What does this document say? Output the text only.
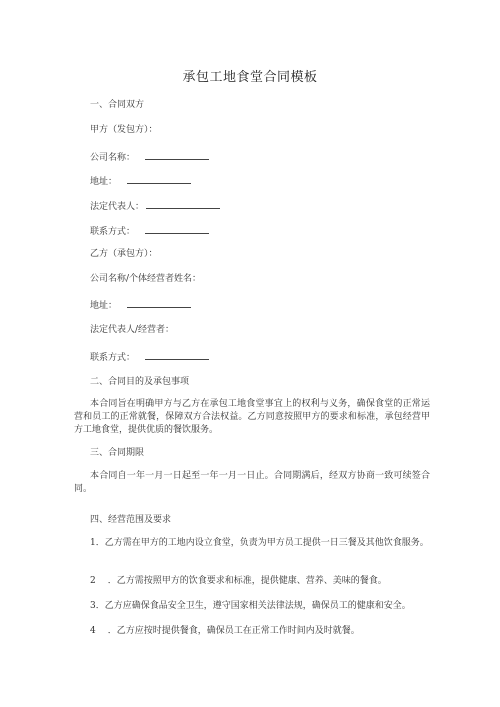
承包工地食堂合同模板
一、合同双方
甲方（发包方）：
公司名称：
地址：
法定代表人：
联系方式：
乙方（承包方）：
公司名称/个体经营者姓名：
地址：
法定代表人/经营者：
联系方式：
二、合同目的及承包事项
本合同旨在明确甲方与乙方在承包工地食堂事宜上的权利与义务，确保食堂的正常运营和员工的正常就餐，保障双方合法权益。乙方同意按照甲方的要求和标准，承包经营甲方工地食堂，提供优质的餐饮服务。
三、合同期限
本合同自一年一月一日起至一年一月一日止。合同期满后，经双方协商一致可续签合同。
四、经营范围及要求
1．乙方需在甲方的工地内设立食堂，负责为甲方员工提供一日三餐及其他饮食服务。
2 ．乙方需按照甲方的饮食要求和标准，提供健康、营养、美味的餐食。
3．乙方应确保食品安全卫生，遵守国家相关法律法规，确保员工的健康和安全。
4 ．乙方应按时提供餐食，确保员工在正常工作时间内及时就餐。
